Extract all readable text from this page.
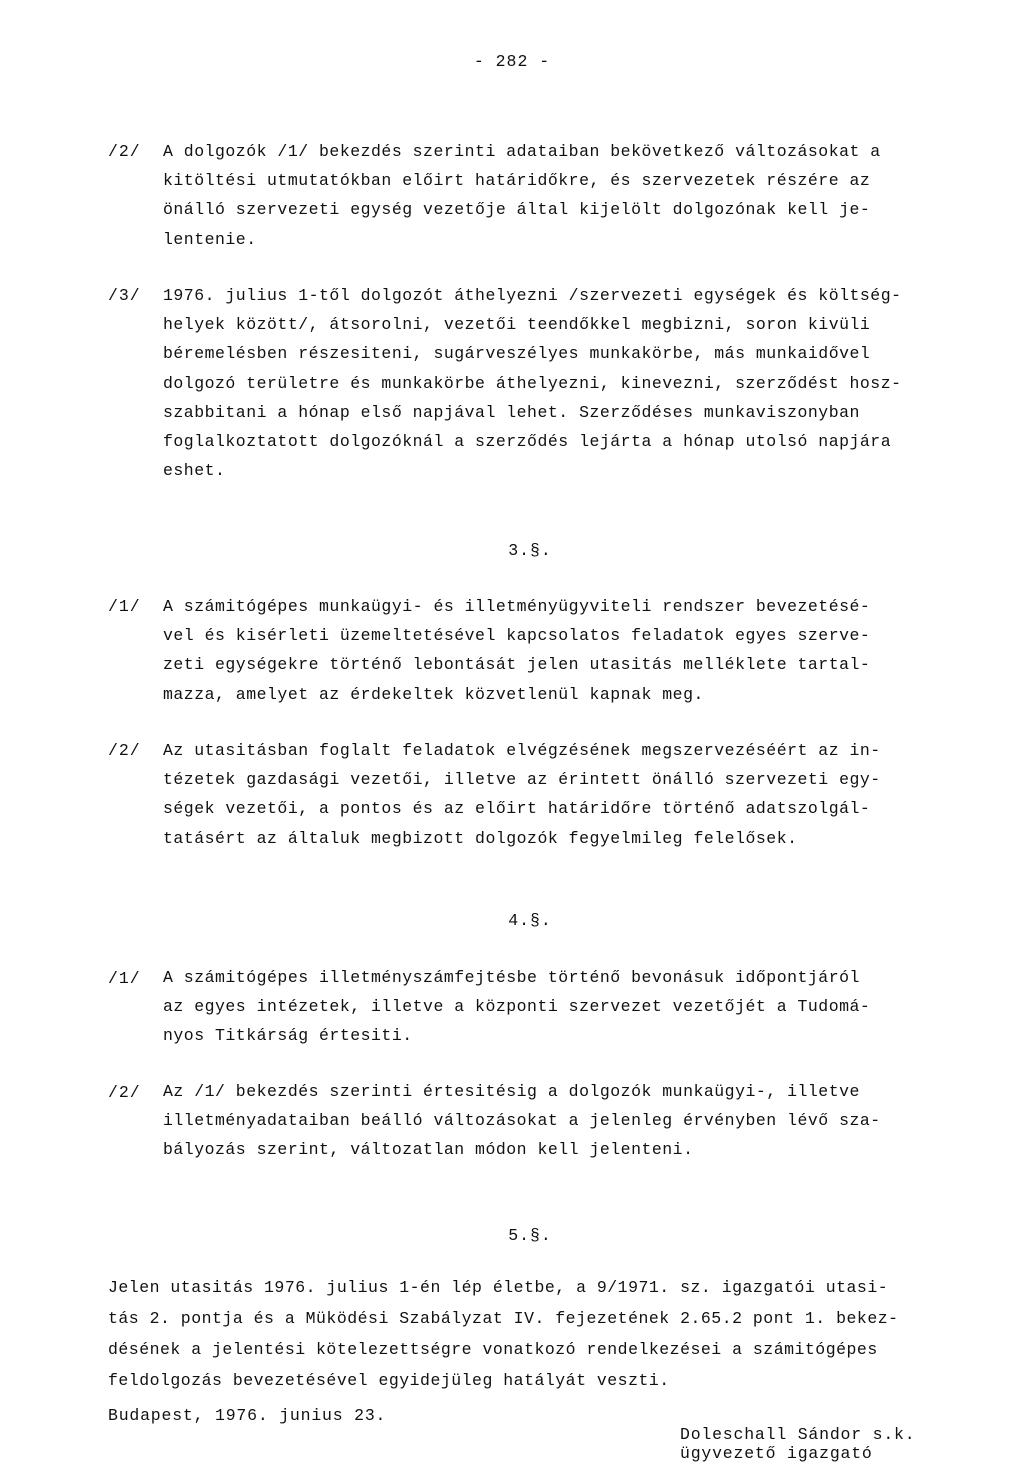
- 282 -
/2/ A dolgozók /1/ bekezdés szerinti adataiban bekövetkező változásokat a
kitöltési utmutatókban előirt határidőkre, és szervezetek részére az
önálló szervezeti egység vezetője által kijelölt dolgozónak kell je-
lentenie.
/3/ 1976. julius 1-től dolgozót áthelyezni /szervezeti egységek és költség-
helyek között/, átsorolni, vezetői teendőkkel megbizni, soron kivüli
béremelésben részesiteni, sugárveszélyes munkakörbe, más munkaidővel
dolgozó területre és munkakörbe áthelyezni, kinevezni, szerződést hosz-
szabbitani a hónap első napjával lehet. Szerződéses munkaviszonyban
foglalkoztatott dolgozóknál a szerződés lejárta a hónap utolsó napjára
eshet.
3.§.
/1/ A számitógépes munkaügyi- és illetményügyviteli rendszer bevezetésé-
vel és kisérleti üzemeltetésével kapcsolatos feladatok egyes szerve-
zeti egységekre történő lebontását jelen utasitás melléklete tartal-
mazza, amelyet az érdekeltek közvetlenül kapnak meg.
/2/ Az utasitásban foglalt feladatok elvégzésének megszervezéséért az in-
tézetek gazdasági vezetői, illetve az érintett önálló szervezeti egy-
ségek vezetői, a pontos és az előirt határidőre történő adatszolgál-
tatásért az általuk megbizott dolgozók fegyelmileg felelősek.
4.§.
/1/ A számitógépes illetményszámfejtésbe történő bevonásuk időpontjáról
az egyes intézetek, illetve a központi szervezet vezetőjét a Tudomá-
nyos Titkárság értesiti.
/2/ Az /1/ bekezdés szerinti értesitésig a dolgozók munkaügyi-, illetve
illetményadataiban beálló változásokat a jelenleg érvényben lévő sza-
bályozás szerint, változatlan módon kell jelenteni.
5.§.
Jelen utasitás 1976. julius 1-én lép életbe, a 9/1971. sz. igazgatói utasi-
tás 2. pontja és a Müködési Szabályzat IV. fejezetének 2.65.2 pont 1. bekez-
désének a jelentési kötelezettségre vonatkozó rendelkezései a számitógépes
feldolgozás bevezetésével egyidejüleg hatályát veszti.
Budapest, 1976. junius 23.
Doleschall Sándor s.k.
ügyvezető igazgató
